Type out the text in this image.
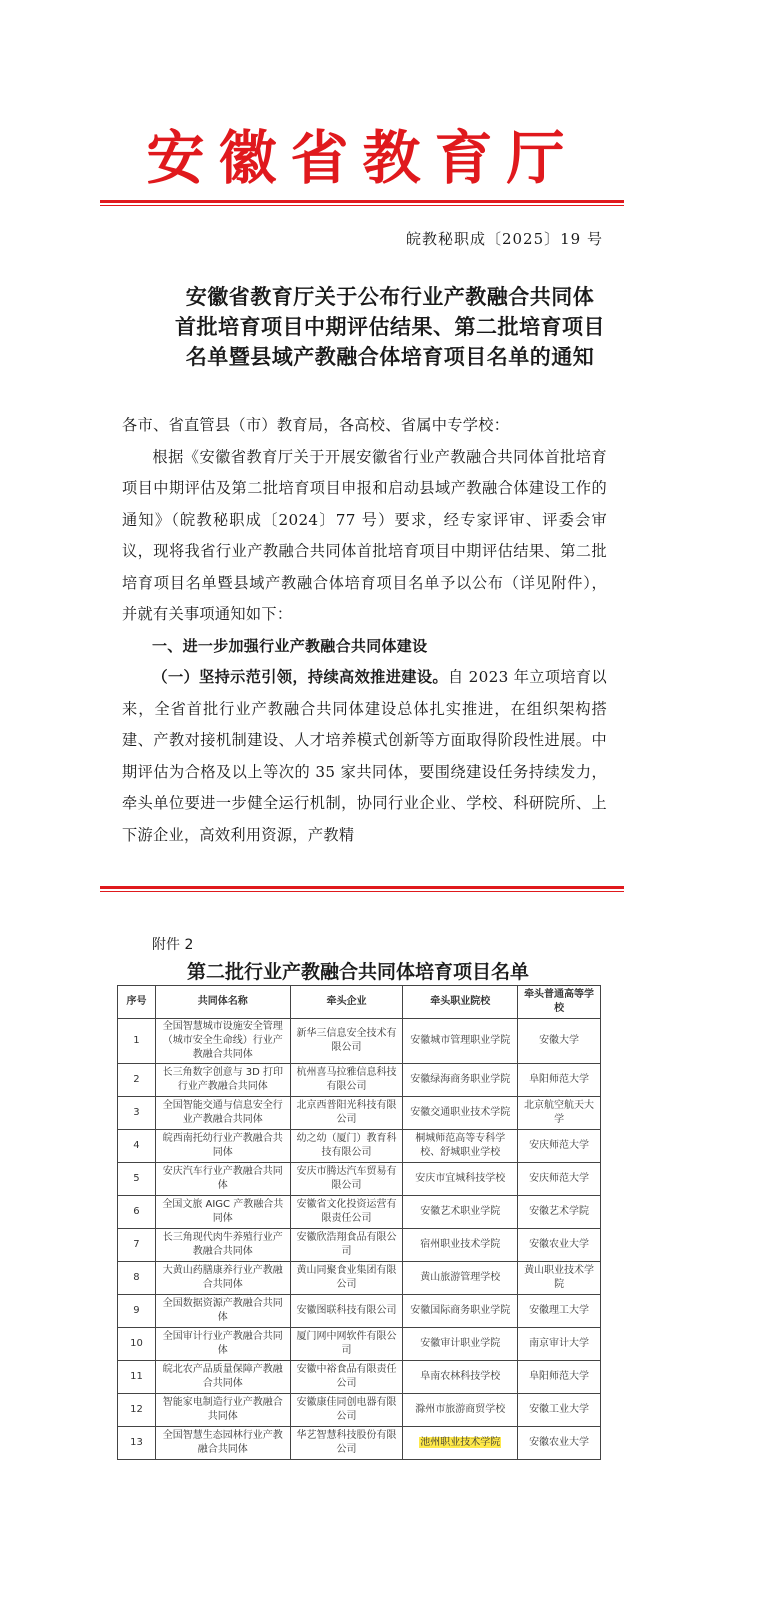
安徽省教育厅
皖教秘职成〔2025〕19 号
安徽省教育厅关于公布行业产教融合共同体
首批培育项目中期评估结果、第二批培育项目
名单暨县域产教融合体培育项目名单的通知

各市、省直管县（市）教育局，各高校、省属中专学校：

根据《安徽省教育厅关于开展安徽省行业产教融合共同体首批培育项目中期评估及第二批培育项目申报和启动县域产教融合体建设工作的通知》（皖教秘职成〔2024〕77 号）要求，经专家评审、评委会审议，现将我省行业产教融合共同体首批培育项目中期评估结果、第二批培育项目名单暨县域产教融合体培育项目名单予以公布（详见附件），并就有关事项通知如下：

一、进一步加强行业产教融合共同体建设

（一）坚持示范引领，持续高效推进建设。自 2023 年立项培育以来，全省首批行业产教融合共同体建设总体扎实推进，在组织架构搭建、产教对接机制建设、人才培养模式创新等方面取得阶段性进展。中期评估为合格及以上等次的 35 家共同体，要围绕建设任务持续发力，牵头单位要进一步健全运行机制，协同行业企业、学校、科研院所、上下游企业，高效利用资源，产教精

附件 2
第二批行业产教融合共同体培育项目名单
序号	共同体名称	牵头企业	牵头职业院校	牵头普通高等学校
1	全国智慧城市设施安全管理（城市安全生命线）行业产教融合共同体	新华三信息安全技术有限公司	安徽城市管理职业学院	安徽大学
2	长三角数字创意与 3D 打印行业产教融合共同体	杭州喜马拉雅信息科技有限公司	安徽绿海商务职业学院	阜阳师范大学
3	全国智能交通与信息安全行业产教融合共同体	北京西普阳光科技有限公司	安徽交通职业技术学院	北京航空航天大学
4	皖西南托幼行业产教融合共同体	幼之幼（厦门）教育科技有限公司	桐城师范高等专科学校、舒城职业学校	安庆师范大学
5	安庆汽车行业产教融合共同体	安庆市腾达汽车贸易有限公司	安庆市宜城科技学校	安庆师范大学
6	全国文旅 AIGC 产教融合共同体	安徽省文化投资运营有限责任公司	安徽艺术职业学院	安徽艺术学院
7	长三角现代肉牛养殖行业产教融合共同体	安徽欣浩翔食品有限公司	宿州职业技术学院	安徽农业大学
8	大黄山药膳康养行业产教融合共同体	黄山同聚食业集团有限公司	黄山旅游管理学校	黄山职业技术学院
9	全国数据资源产教融合共同体	安徽图联科技有限公司	安徽国际商务职业学院	安徽理工大学
10	全国审计行业产教融合共同体	厦门网中网软件有限公司	安徽审计职业学院	南京审计大学
11	皖北农产品质量保障产教融合共同体	安徽中裕食品有限责任公司	阜南农林科技学校	阜阳师范大学
12	智能家电制造行业产教融合共同体	安徽康佳同创电器有限公司	滁州市旅游商贸学校	安徽工业大学
13	全国智慧生态园林行业产教融合共同体	华艺智慧科技股份有限公司	池州职业技术学院	安徽农业大学
